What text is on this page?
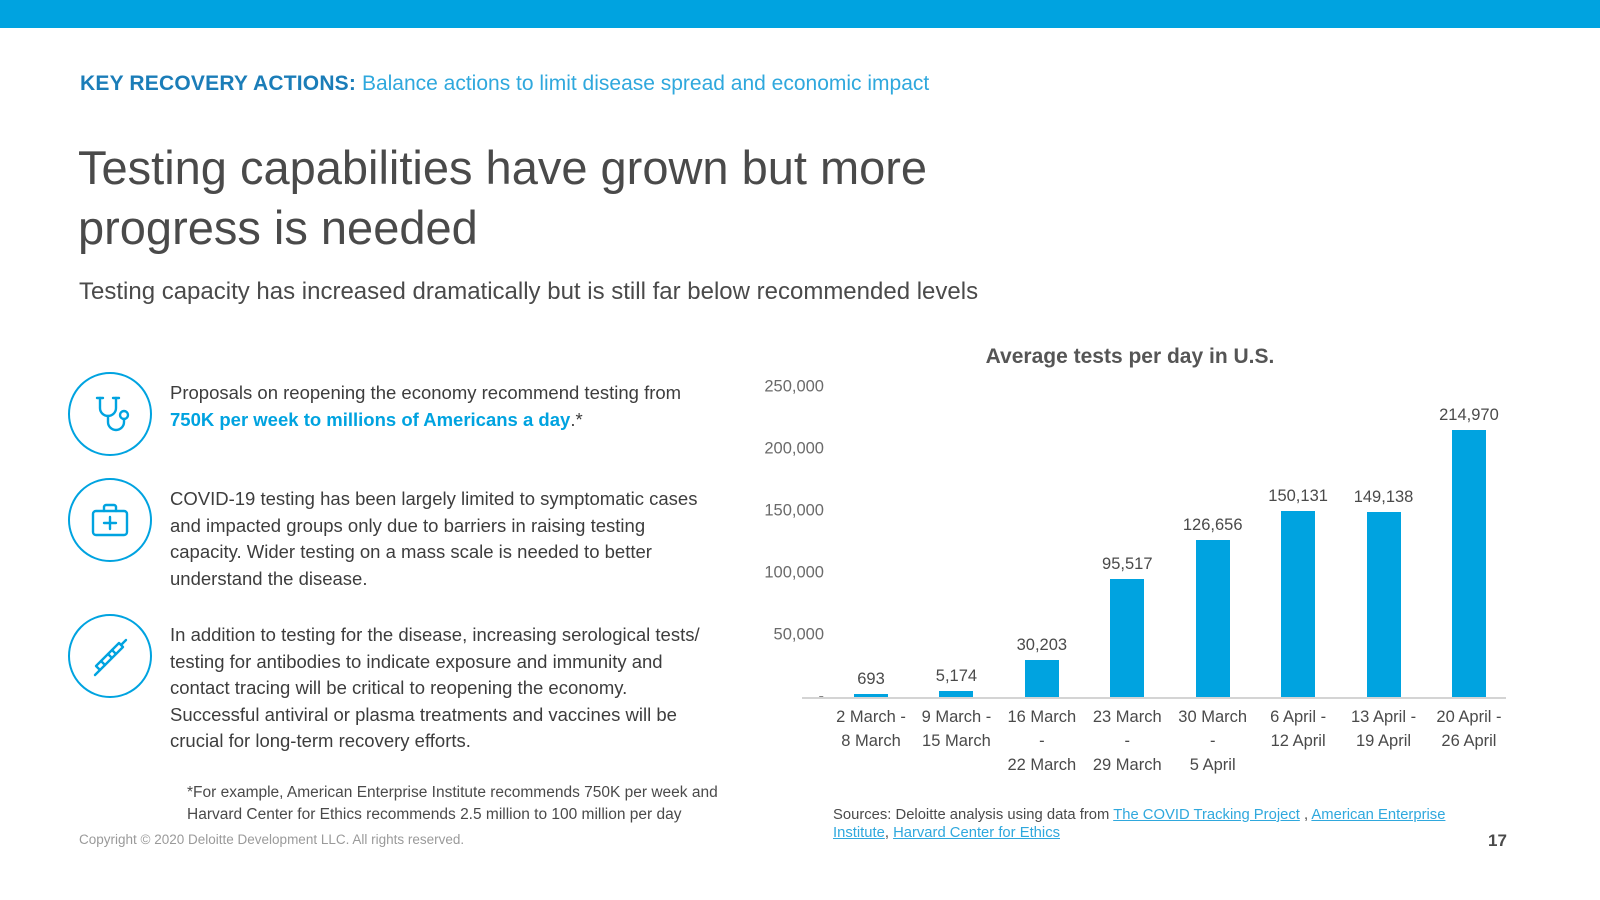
KEY RECOVERY ACTIONS: Balance actions to limit disease spread and economic impact
Testing capabilities have grown but more progress is needed
Testing capacity has increased dramatically but is still far below recommended levels
Proposals on reopening the economy recommend testing from 750K per week to millions of Americans a day.*
COVID-19 testing has been largely limited to symptomatic cases and impacted groups only due to barriers in raising testing capacity. Wider testing on a mass scale is needed to better understand the disease.
In addition to testing for the disease, increasing serological tests/ testing for antibodies to indicate exposure and immunity and contact tracing will be critical to reopening the economy. Successful antiviral or plasma treatments and vaccines will be crucial for long-term recovery efforts.
*For example, American Enterprise Institute recommends 750K per week and Harvard Center for Ethics recommends 2.5 million to 100 million per day
Copyright © 2020 Deloitte Development LLC. All rights reserved.	17
Average tests per day in U.S.
50,000
100,000
150,000
200,000
250,000
693	5,174
30,203
95,517
126,656
150,131 149,138
214,970
2 March -
8 March
9 March -
15 March
16 March -
22 March
23 March -
29 March
30 March -
5 April
6 April -
12 April
13 April -
19 April
20 April -
26 April
Sources: Deloitte analysis using data from The COVID Tracking Project , American Enterprise Institute, Harvard Center for Ethics
